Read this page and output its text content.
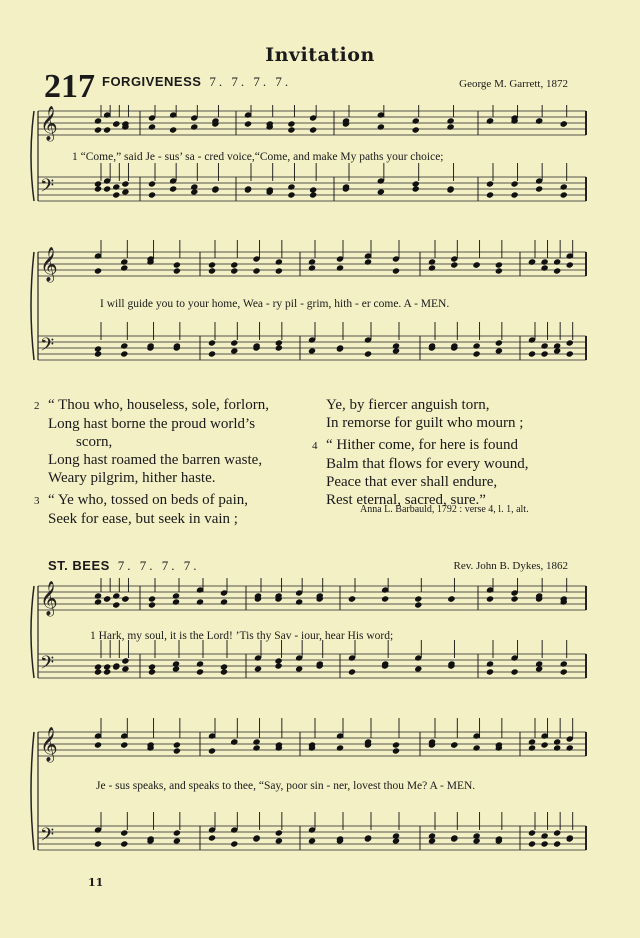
Invitation
217 FORGIVENESS 7. 7. 7. 7.	George M. Garrett, 1872
𝄞
𝄢
1 “Come,” said Je - sus’ sa - cred voice,“Come, and make My paths your choice;
𝄞
𝄢
I will guide you to your home, Wea - ry pil - grim, hith - er come. A - MEN.
2 “ Thou who, houseless, sole, forlorn,
Long hast borne the proud world’s
scorn,
Long hast roamed the barren waste,
Weary pilgrim, hither haste.
3 “ Ye who, tossed on beds of pain,
Seek for ease, but seek in vain ;
Ye, by fiercer anguish torn,
In remorse for guilt who mourn ;
4 “ Hither come, for here is found
Balm that flows for every wound,
Peace that ever shall endure,
Rest eternal, sacred, sure.”
Anna L. Barbauld, 1792 : verse 4, l. 1, alt.
ST. BEES 7. 7. 7. 7.	Rev. John B. Dykes, 1862
𝄞
𝄢
1 Hark, my soul, it is the Lord! ’Tis thy Sav - iour, hear His word;
𝄞
𝄢
Je - sus speaks, and speaks to thee, “Say, poor sin - ner, lovest thou Me? A - MEN.
11
